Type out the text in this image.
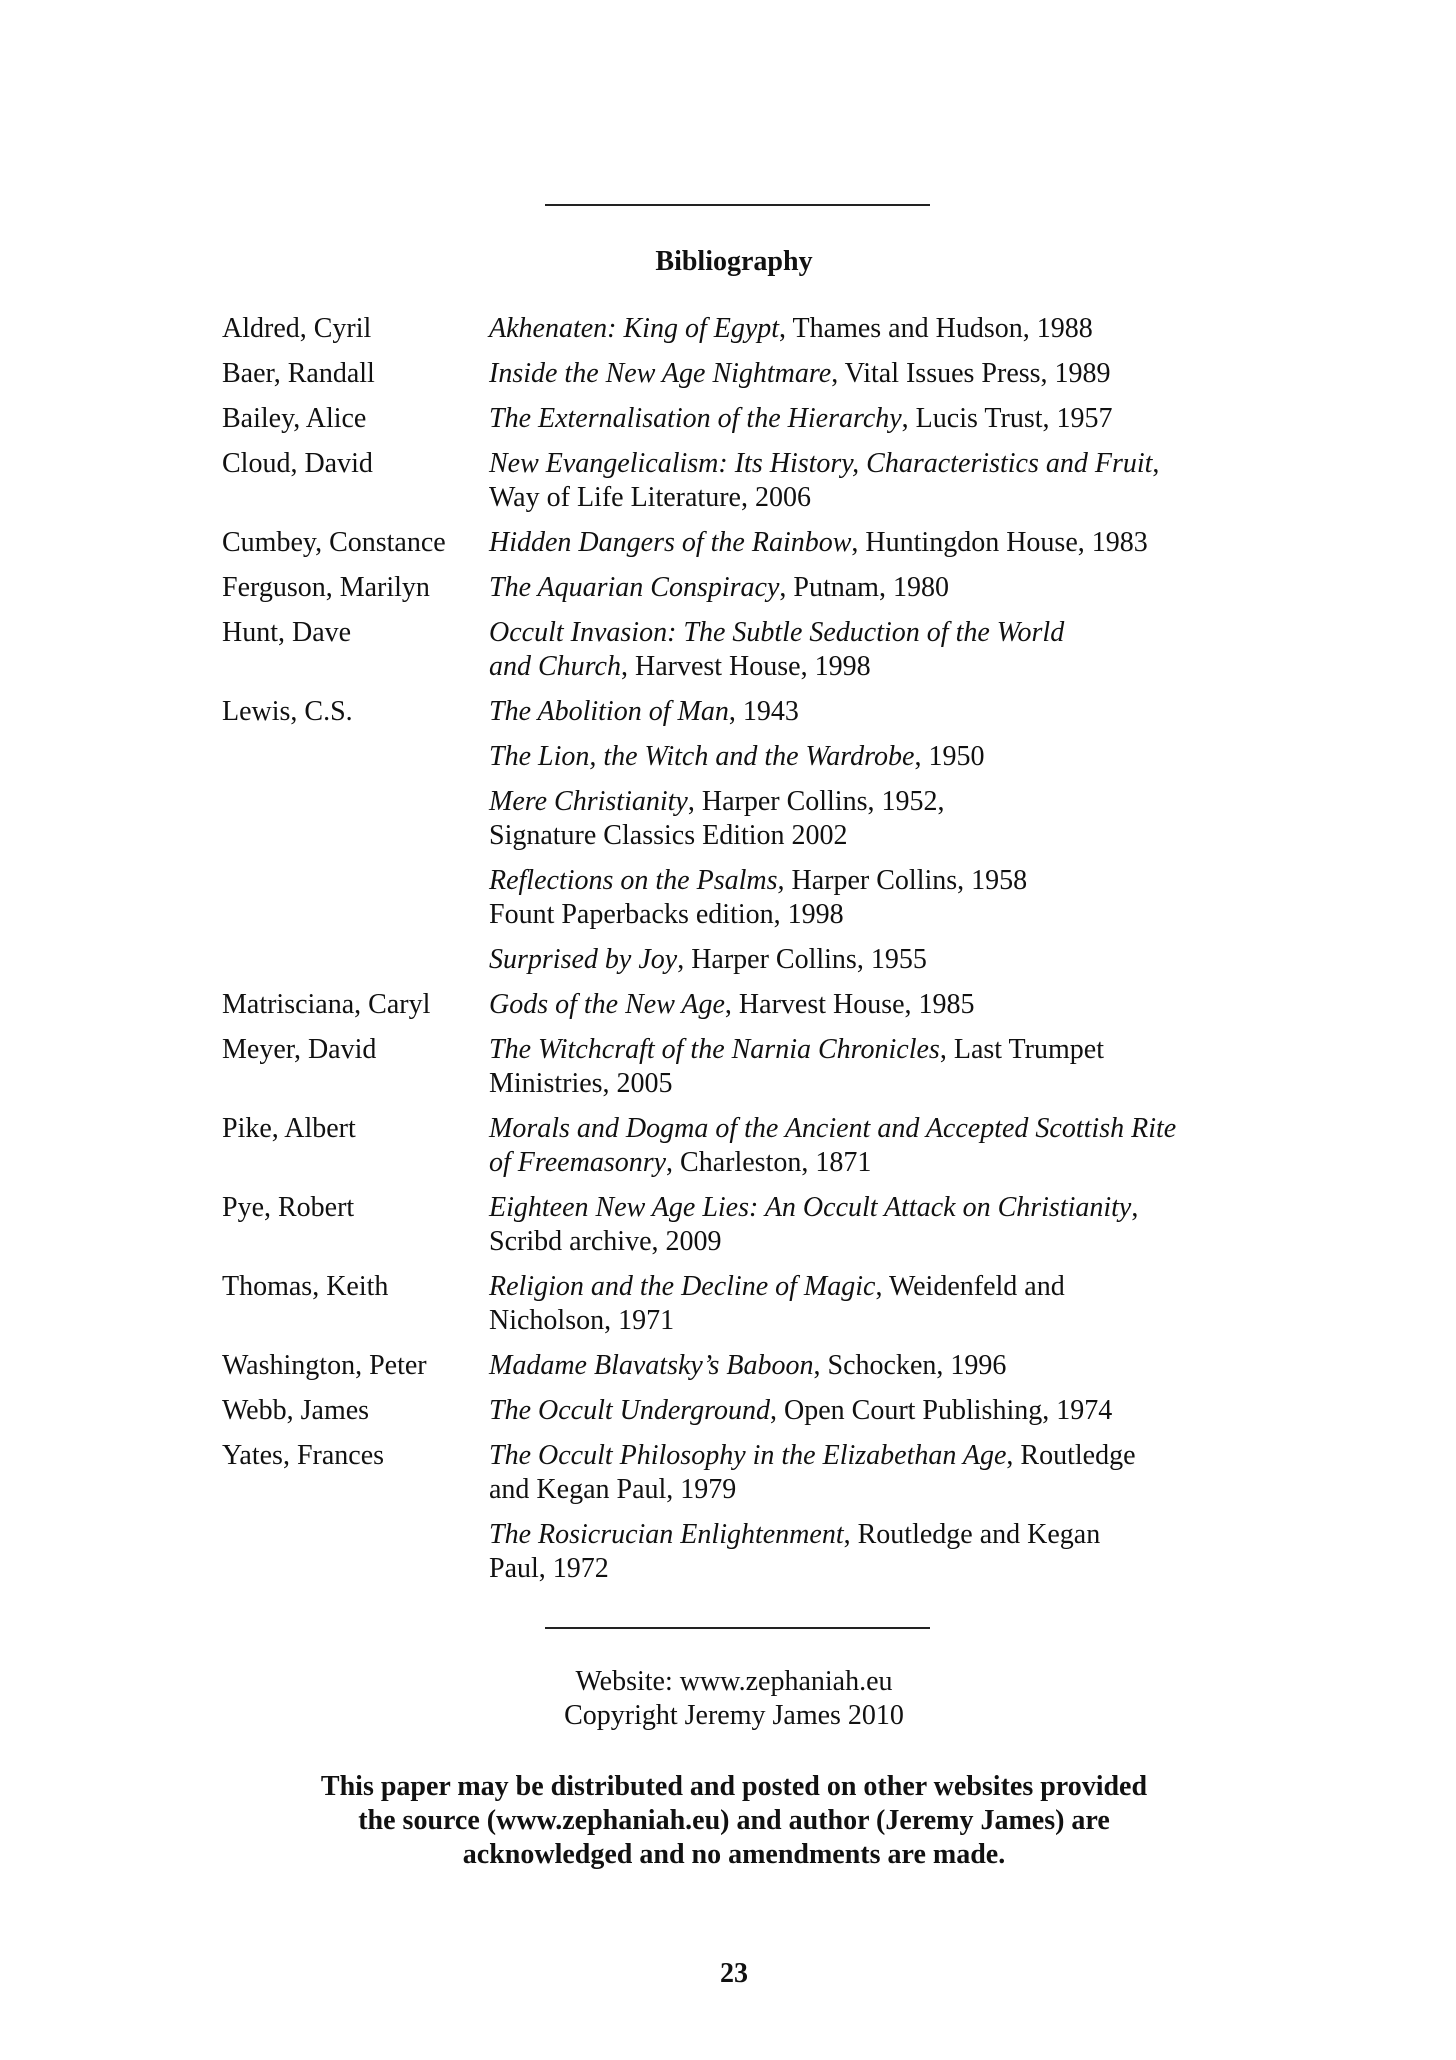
Bibliography
Aldred, Cyril	Akhenaten: King of Egypt, Thames and Hudson, 1988
Baer, Randall	Inside the New Age Nightmare, Vital Issues Press, 1989
Bailey, Alice	The Externalisation of the Hierarchy, Lucis Trust, 1957
Cloud, David	New Evangelicalism: Its History, Characteristics and Fruit,
Way of Life Literature, 2006
Cumbey, Constance	Hidden Dangers of the Rainbow, Huntingdon House, 1983
Ferguson, Marilyn	The Aquarian Conspiracy, Putnam, 1980
Hunt, Dave	Occult Invasion: The Subtle Seduction of the World
and Church, Harvest House, 1998
Lewis, C.S.	The Abolition of Man, 1943
The Lion, the Witch and the Wardrobe, 1950
Mere Christianity, Harper Collins, 1952,
Signature Classics Edition 2002
Reflections on the Psalms, Harper Collins, 1958
Fount Paperbacks edition, 1998
Surprised by Joy, Harper Collins, 1955
Matrisciana, Caryl	Gods of the New Age, Harvest House, 1985
Meyer, David	The Witchcraft of the Narnia Chronicles, Last Trumpet
Ministries, 2005
Pike, Albert	Morals and Dogma of the Ancient and Accepted Scottish Rite
of Freemasonry, Charleston, 1871
Pye, Robert	Eighteen New Age Lies: An Occult Attack on Christianity,
Scribd archive, 2009
Thomas, Keith	Religion and the Decline of Magic, Weidenfeld and
Nicholson, 1971
Washington, Peter	Madame Blavatsky’s Baboon, Schocken, 1996
Webb, James	The Occult Underground, Open Court Publishing, 1974
Yates, Frances	The Occult Philosophy in the Elizabethan Age, Routledge
and Kegan Paul, 1979
The Rosicrucian Enlightenment, Routledge and Kegan
Paul, 1972
Website: www.zephaniah.eu
Copyright Jeremy James 2010
This paper may be distributed and posted on other websites provided
the source (www.zephaniah.eu) and author (Jeremy James) are
acknowledged and no amendments are made.
23
